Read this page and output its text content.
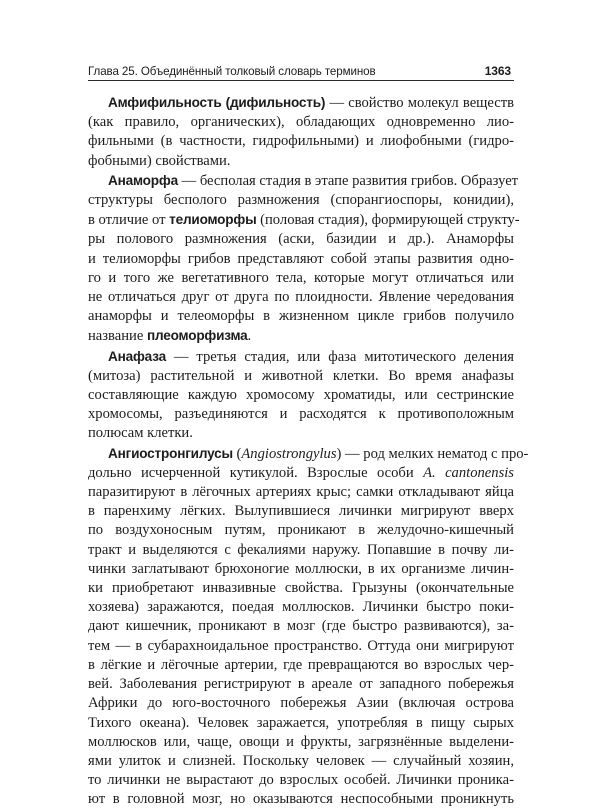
Глава 25. Объединённый толковый словарь терминов	1363
Амфифильность (дифильность) — свойство молекул веществ
(как правило, органических), обладающих одновременно лио-
фильными (в частности, гидрофильными) и лиофобными (гидро-
фобными) свойствами.
Анаморфа — бесполая стадия в этапе развития грибов. Образует
структуры бесполого размножения (спорангиоспоры, конидии),
в отличие от телиоморфы (половая стадия), формирующей структу-
ры полового размножения (аски, базидии и др.). Анаморфы
и телиоморфы грибов представляют собой этапы развития одно-
го и того же вегетативного тела, которые могут отличаться или
не отличаться друг от друга по плоидности. Явление чередования
анаморфы и телеоморфы в жизненном цикле грибов получило
название плеоморфизма.
Анафаза — третья стадия, или фаза митотического деления
(митоза) растительной и животной клетки. Во время анафазы
составляющие каждую хромосому хроматиды, или сестринские
хромосомы, разъединяются и расходятся к противоположным
полюсам клетки.
Ангиостронгилусы (Angiostrongylus) — род мелких нематод с про-
дольно исчерченной кутикулой. Взрослые особи A. cantonensis
паразитируют в лёгочных артериях крыс; самки откладывают яйца
в паренхиму лёгких. Вылупившиеся личинки мигрируют вверх
по воздухоносным путям, проникают в желудочно-кишечный
тракт и выделяются с фекалиями наружу. Попавшие в почву ли-
чинки заглатывают брюхоногие моллюски, в их организме личин-
ки приобретают инвазивные свойства. Грызуны (окончательные
хозяева) заражаются, поедая моллюсков. Личинки быстро поки-
дают кишечник, проникают в мозг (где быстро развиваются), за-
тем — в субарахноидальное пространство. Оттуда они мигрируют
в лёгкие и лёгочные артерии, где превращаются во взрослых чер-
вей. Заболевания регистрируют в ареале от западного побережья
Африки до юго-восточного побережья Азии (включая острова
Тихого океана). Человек заражается, употребляя в пищу сырых
моллюсков или, чаще, овощи и фрукты, загрязнённые выделени-
ями улиток и слизней. Поскольку человек — случайный хозяин,
то личинки не вырастают до взрослых особей. Личинки проника-
ют в головной мозг, но оказываются неспособными проникнуть
